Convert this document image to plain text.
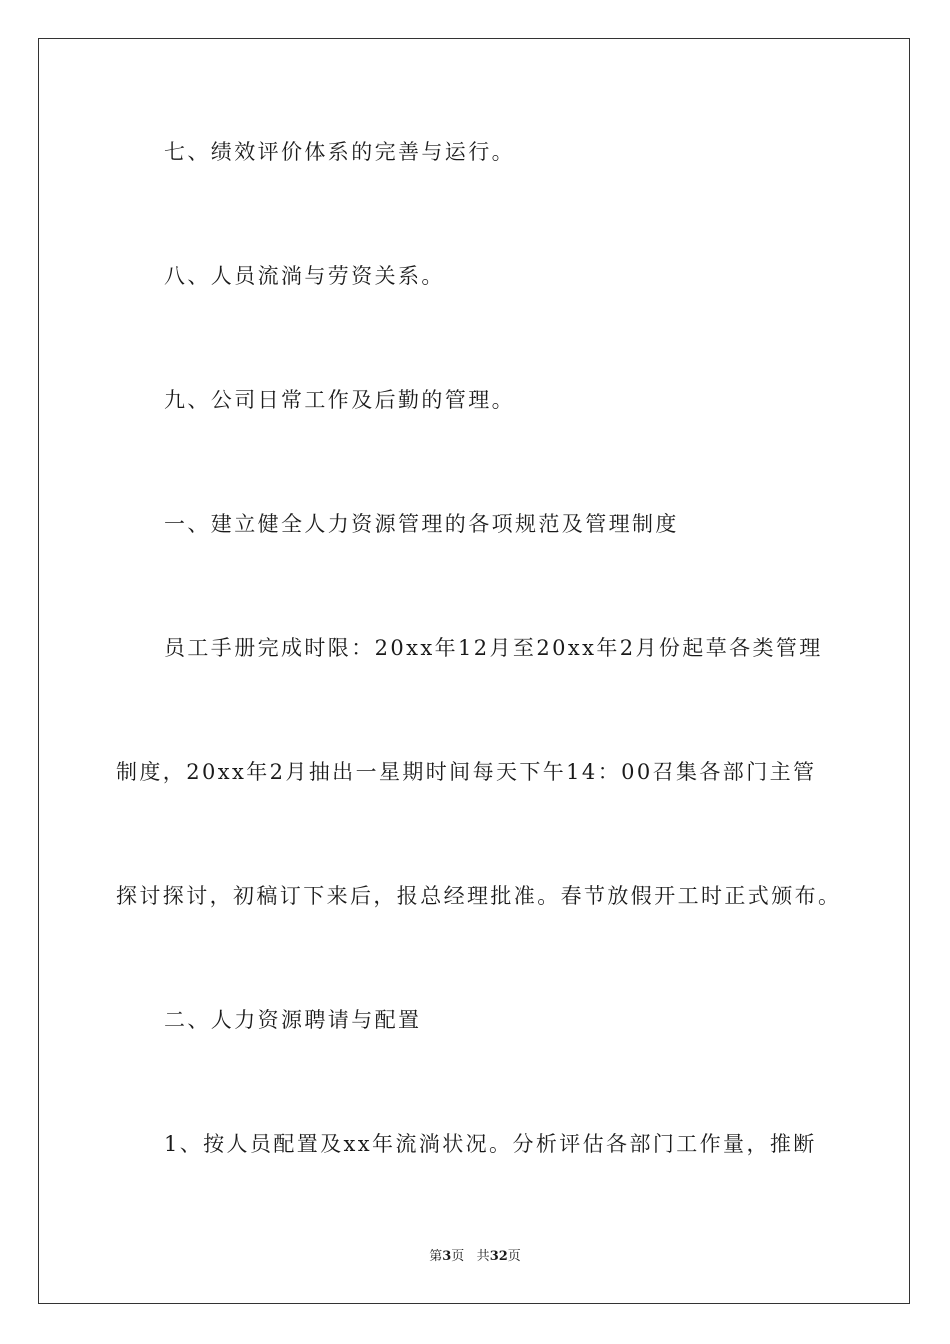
七、绩效评价体系的完善与运行。
八、人员流淌与劳资关系。
九、公司日常工作及后勤的管理。
一、建立健全人力资源管理的各项规范及管理制度
员工手册完成时限：20xx年12月至20xx年2月份起草各类管理
制度，20xx年2月抽出一星期时间每天下午14：00召集各部门主管
探讨探讨，初稿订下来后，报总经理批准。春节放假开工时正式颁布。
二、人力资源聘请与配置
1、按人员配置及xx年流淌状况。分析评估各部门工作量，推断
第3页 共32页
